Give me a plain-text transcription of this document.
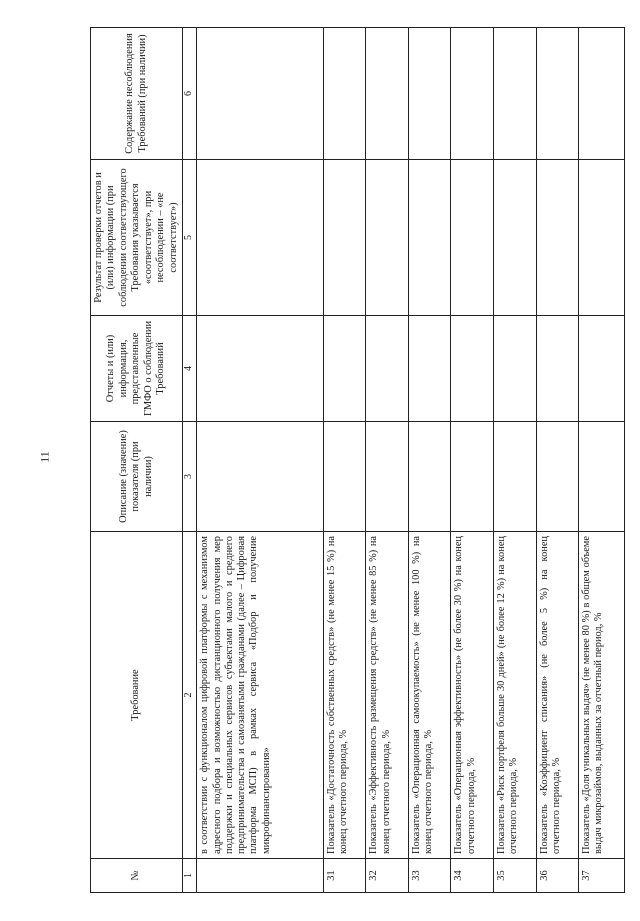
11
№	Требование	Описание (значение) показателя (при наличии)	Отчеты и (или) информация, представленные ГМФО о соблюдении Требований	Результат проверки отчетов и (или) информации (при соблюдении соответствующего Требования указывается «соответствует», при несоблюдении – «не соответствует»)	Содержание несоблюдения Требований (при наличии)
1	2	3	4	5	6
	в соответствии с функционалом цифровой платформы с механизмом адресного подбора и возможностью дистанционного получения мер поддержки и специальных сервисов субъектами малого и среднего предпринимательства и самозанятыми гражданами (далее – Цифровая платформа МСП) в рамках сервиса «Подбор и получение микрофинансирования»				
31	Показатель «Достаточность собственных средств» (не менее 15 %) на конец отчетного периода, %				
32	Показатель «Эффективность размещения средств» (не менее 85 %) на конец отчетного периода, %				
33	Показатель «Операционная самоокупаемость» (не менее 100 %) на конец отчетного периода, %				
34	Показатель «Операционная эффективность» (не более 30 %) на конец отчетного периода, %				
35	Показатель «Риск портфеля больше 30 дней» (не более 12 %) на конец отчетного периода, %				
36	Показатель «Коэффициент списания» (не более 5 %) на конец отчетного периода, %				
37	Показатель «Доля уникальных выдач» (не менее 80 %) в общем объеме выдач микрозаймов, выданных за отчетный период, %				
